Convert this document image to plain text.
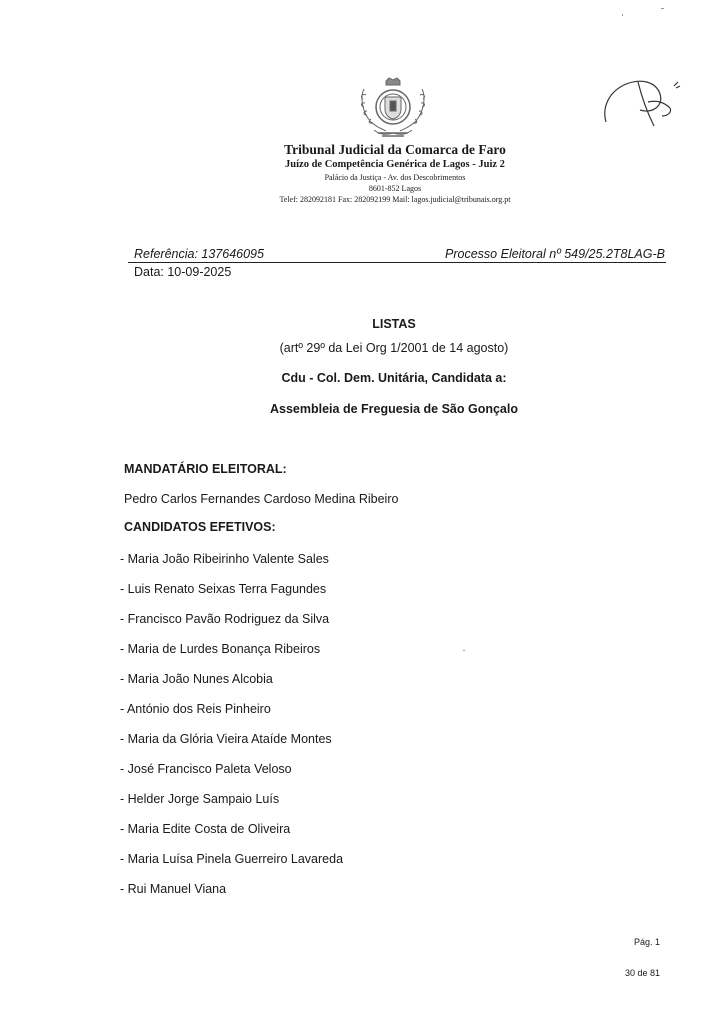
Tribunal Judicial da Comarca de Faro
Juízo de Competência Genérica de Lagos - Juiz 2
Palácio da Justiça - Av. dos Descobrimentos
8601-852 Lagos
Telef: 282092181 Fax: 282092199 Mail: lagos.judicial@tribunais.org.pt
Referência: 137646095	Processo Eleitoral nº 549/25.2T8LAG-B
Data: 10-09-2025
LISTAS
(artº 29º da Lei Org 1/2001 de 14 agosto)
Cdu - Col. Dem. Unitária, Candidata a:
Assembleia de Freguesia de São Gonçalo
MANDATÁRIO ELEITORAL:
Pedro Carlos Fernandes Cardoso Medina Ribeiro
CANDIDATOS EFETIVOS:
- Maria João Ribeirinho Valente Sales
- Luis Renato Seixas Terra Fagundes
- Francisco Pavão Rodriguez da Silva
- Maria de Lurdes Bonança Ribeiros
- Maria João Nunes Alcobia
- António dos Reis Pinheiro
- Maria da Glória Vieira Ataíde Montes
- José Francisco Paleta Veloso
- Helder Jorge Sampaio Luís
- Maria Edite Costa de Oliveira
- Maria Luísa Pinela Guerreiro Lavareda
- Rui Manuel Viana
Pág. 1
30 de 81
